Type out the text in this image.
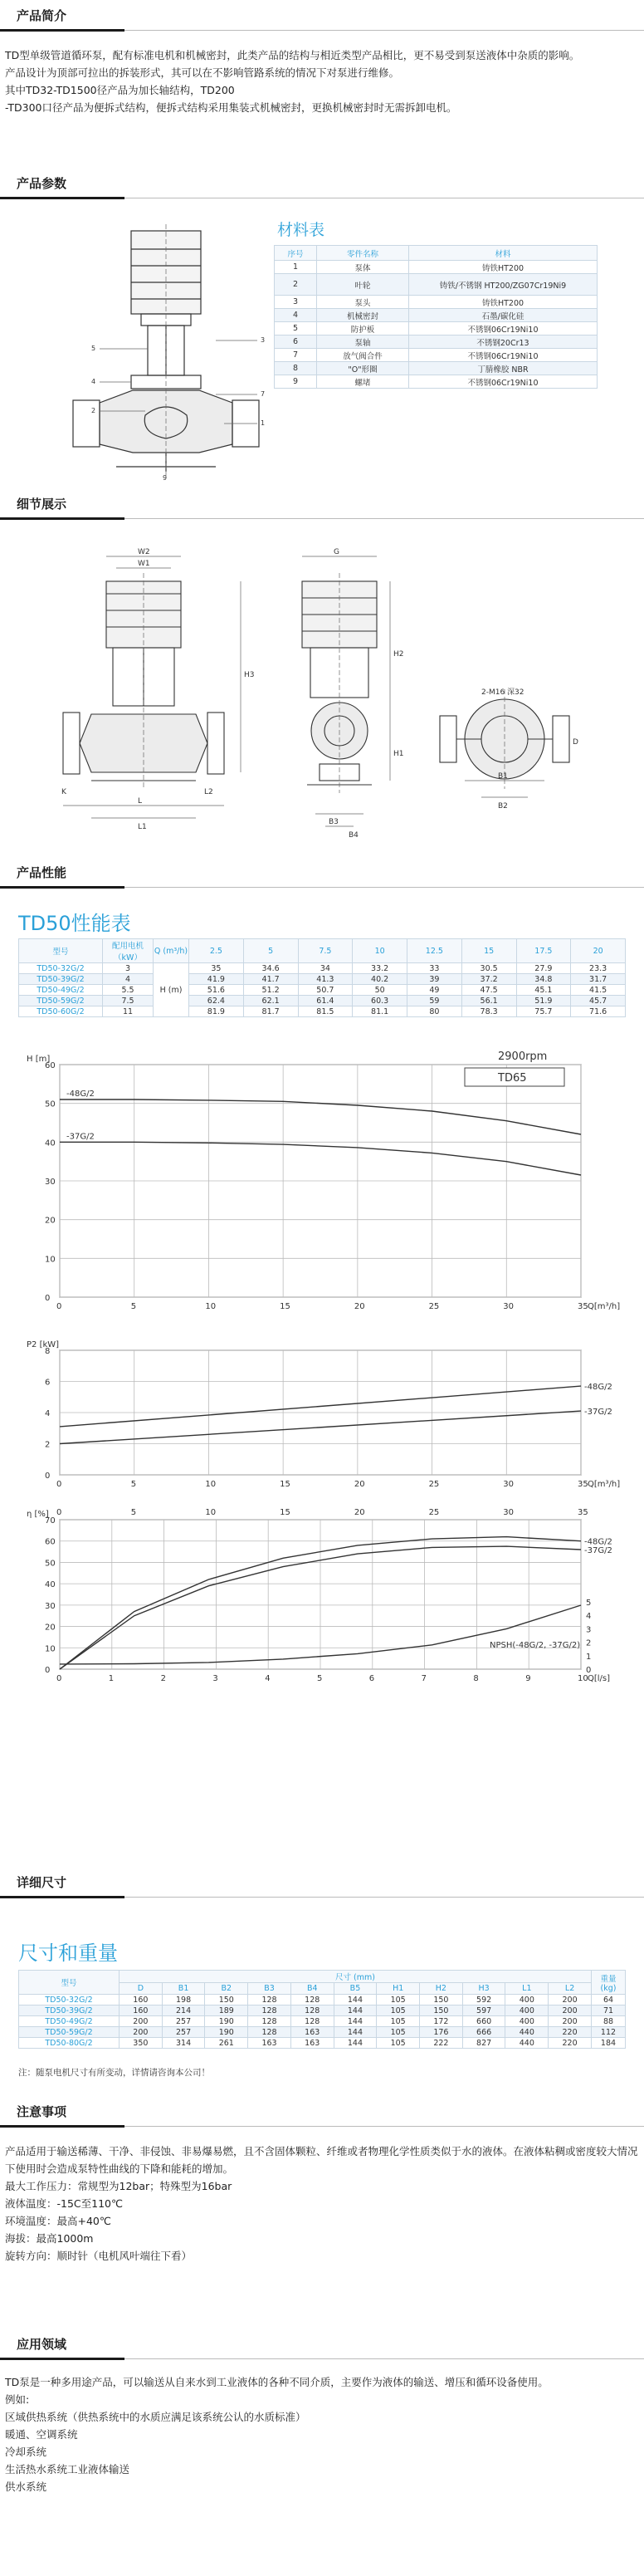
产品简介

TD型单级管道循环泵，配有标准电机和机械密封，此类产品的结构与相近类型产品相比，更不易受到泵送液体中杂质的影响。

产品设计为顶部可拉出的拆装形式，其可以在不影响管路系统的情况下对泵进行维修。

其中TD32-TD1500径产品为加长轴结构，TD200

-TD300口径产品为便拆式结构，便拆式结构采用集装式机械密封，更换机械密封时无需拆卸电机。

产品参数
5
4
2
3
7
1
9
材料表
序号	零件名称	材料
1	泵体	铸铁HT200
2	叶轮	铸铁/不锈钢 HT200/ZG07Cr19Ni9
3	泵头	铸铁HT200
4	机械密封	石墨/碳化硅
5	防护板	不锈钢06Cr19Ni10
6	泵轴	不锈钢20Cr13
7	放气阀合件	不锈钢06Cr19Ni10
8	"O"形圈	丁腈橡胶 NBR
9	螺堵	不锈钢06Cr19Ni10
细节展示
W2
W1
H3
L
L1
K
G
H2
H1
B3
B4
B1
B2
D
2-M16 深32
L2
产品性能
TD50性能表
型号	配用电机（kW）	Q (m³/h)	2.5	5	7.5	10	12.5	15	17.5	20
TD50-32G/2	3	H (m)	35	34.6	34	33.2	33	30.5	27.9	23.3
TD50-39G/2	4		41.9	41.7	41.3	40.2	39	37.2	34.8	31.7
TD50-49G/2	5.5		51.6	51.2	50.7	50	49	47.5	45.1	41.5
TD50-59G/2	7.5		62.4	62.1	61.4	60.3	59	56.1	51.9	45.7
TD50-60G/2	11		81.9	81.7	81.5	81.1	80	78.3	75.7	71.6
0	5	10	15	20	25	30	35
0
10
20
30
40
50
60
H [m]
Q[m³/h]
TD65
2900rpm
-48G/2
-37G/2
0	5	10	15	20	25	30	35
0
2
4
6
8
P2 [kW]
Q[m³/h]
-48G/2
-37G/2
0	1	2	3	4	5	6	7	8	9	10
0	5	10	15	20	25	30	35
0
1
2
3
4
5
0
10
20
30
40
50
60
70
η [%]
Q[l/s]
-48G/2
-37G/2
NPSH(-48G/2, -37G/2)
详细尺寸
尺寸和重量
型号	尺寸 (mm)											重量 (kg)
	D	B1	B2	B3	B4	B5	H1	H2	H3	L1	L2	
TD50-32G/2	160	198	150	128	128	144	105	150	592	400	200	64
TD50-39G/2	160	214	189	128	128	144	105	150	597	400	200	71
TD50-49G/2	200	257	190	128	128	144	105	172	660	400	200	88
TD50-59G/2	200	257	190	128	163	144	105	176	666	440	220	112
TD50-80G/2	350	314	261	163	163	144	105	222	827	440	220	184
注：随泵电机尺寸有所变动，详情请咨询本公司！
注意事项

产品适用于输送稀薄、干净、非侵蚀、非易爆易燃，且不含固体颗粒、纤维或者物理化学性质类似于水的液体。在液体粘稠或密度较大情况下使用时会造成泵特性曲线的下降和能耗的增加。

最大工作压力：常规型为12bar；特殊型为16bar

液体温度：-15C至110℃

环境温度：最高+40℃

海拔：最高1000m

旋转方向：顺时针（电机风叶端往下看）

应用领域

TD泵是一种多用途产品，可以输送从自来水到工业液体的各种不同介质，主要作为液体的输送、增压和循环设备使用。

例如:

区域供热系统（供热系统中的水质应满足该系统公认的水质标准）

暖通、空调系统

冷却系统

生活热水系统工业液体输送

供水系统
